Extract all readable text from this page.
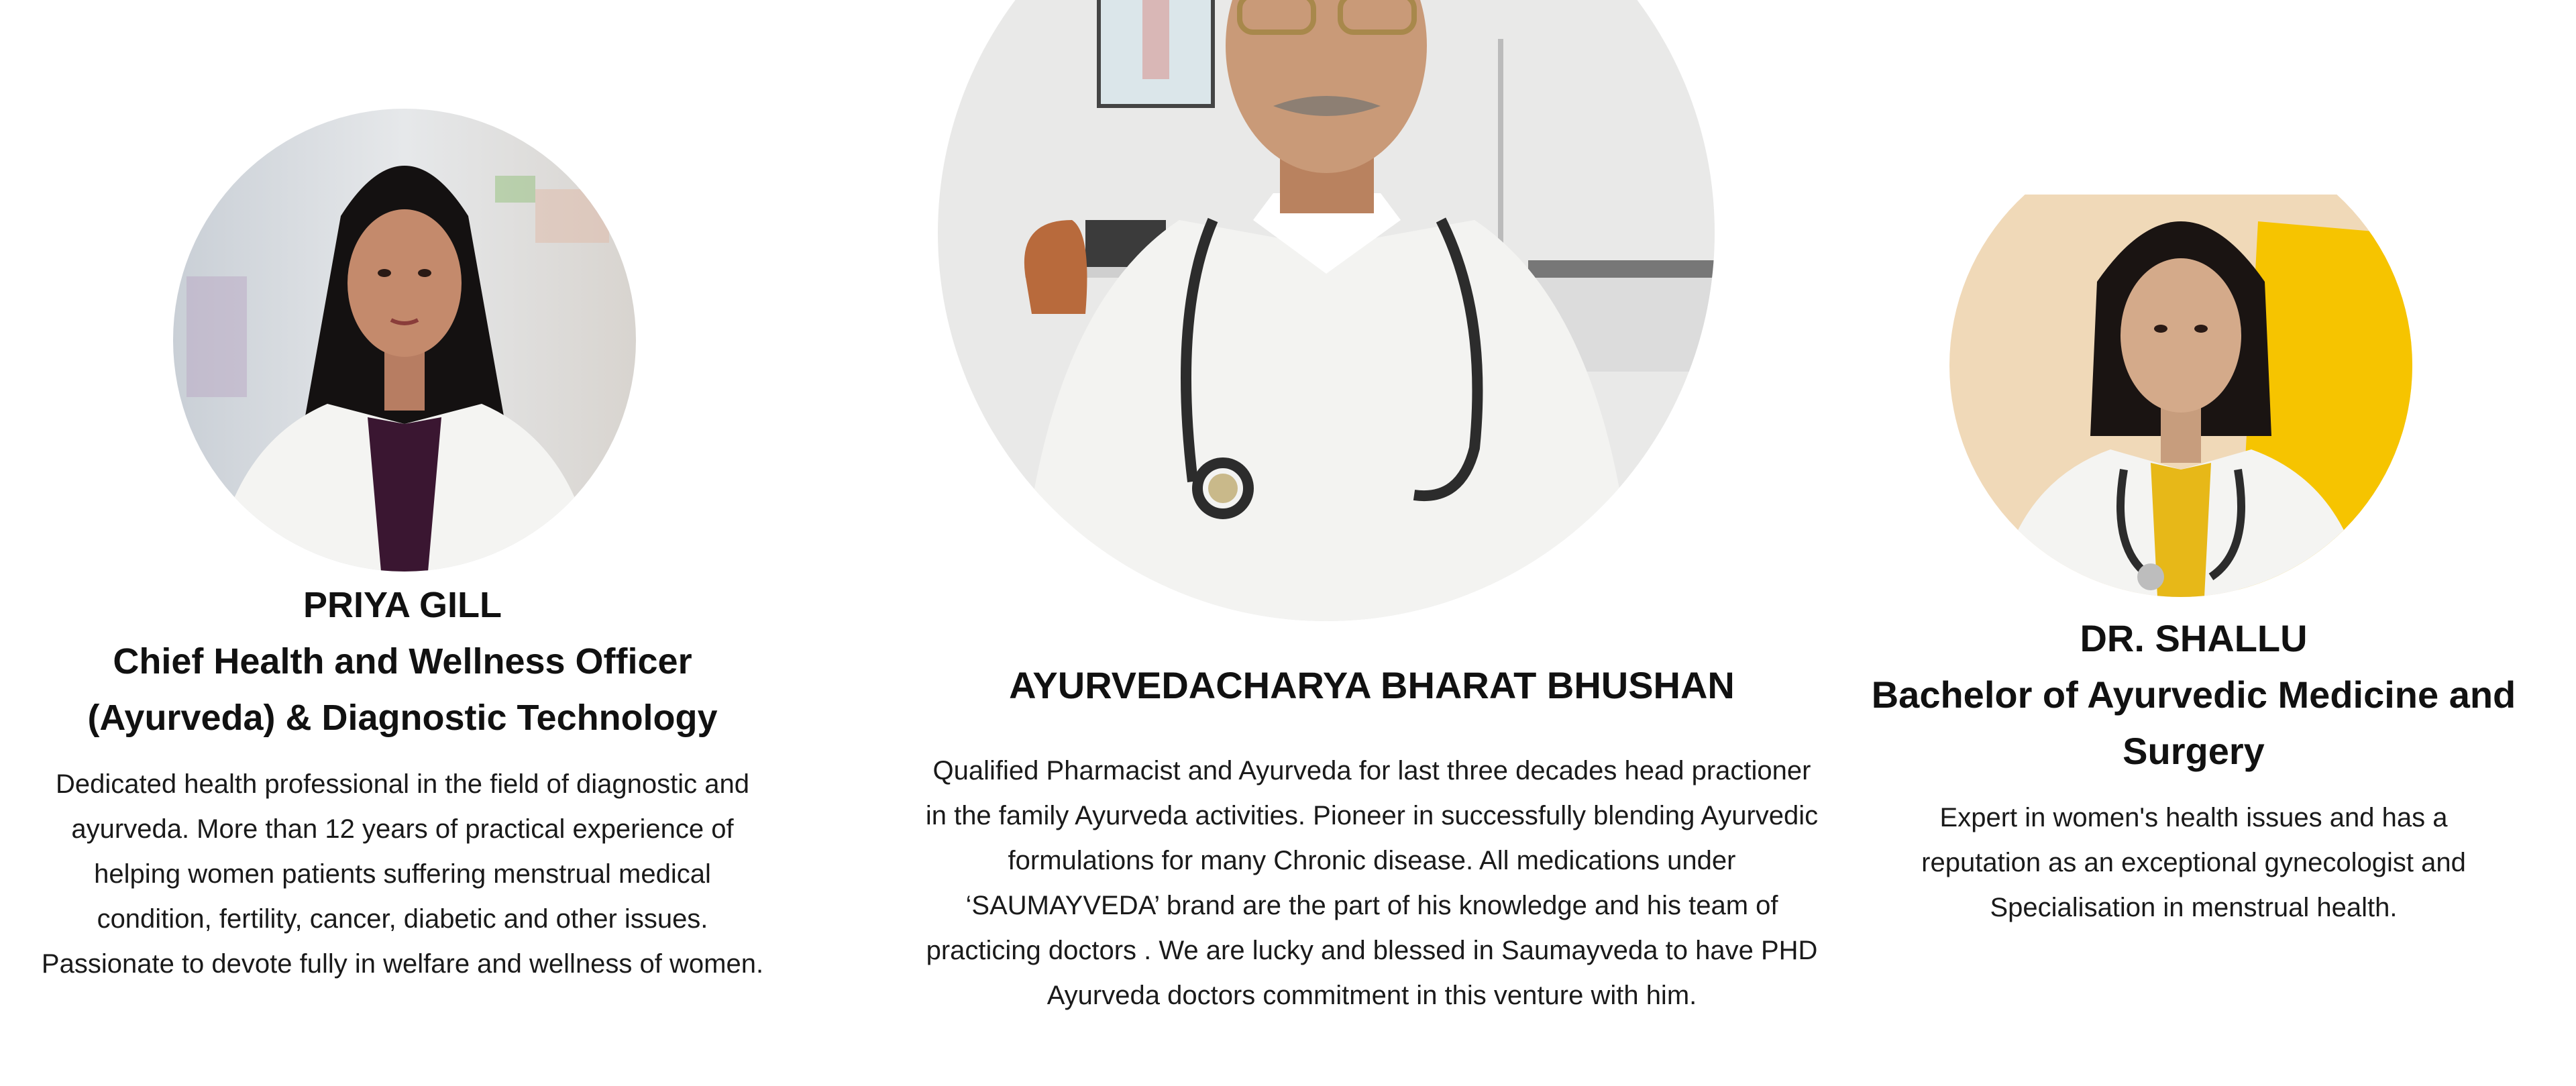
PRIYA GILL
Chief Health and Wellness Officer
(Ayurveda) & Diagnostic Technology

Dedicated health professional in the field of diagnostic and ayurveda. More than 12 years of practical experience of helping women patients suffering menstrual medical condition, fertility, cancer, diabetic and other issues. Passionate to devote fully in welfare and wellness of women.

AYURVEDACHARYA BHARAT BHUSHAN

Qualified Pharmacist and Ayurveda for last three decades head practioner in the family Ayurveda activities. Pioneer in successfully blending Ayurvedic formulations for many Chronic disease. All medications under ‘SAUMAYVEDA’ brand are the part of his knowledge and his team of practicing doctors . We are lucky and blessed in Saumayveda to have PHD Ayurveda doctors commitment in this venture with him.

DR. SHALLU
Bachelor of Ayurvedic Medicine and
Surgery

Expert in women's health issues and has a reputation as an exceptional gynecologist and Specialisation in menstrual health.
